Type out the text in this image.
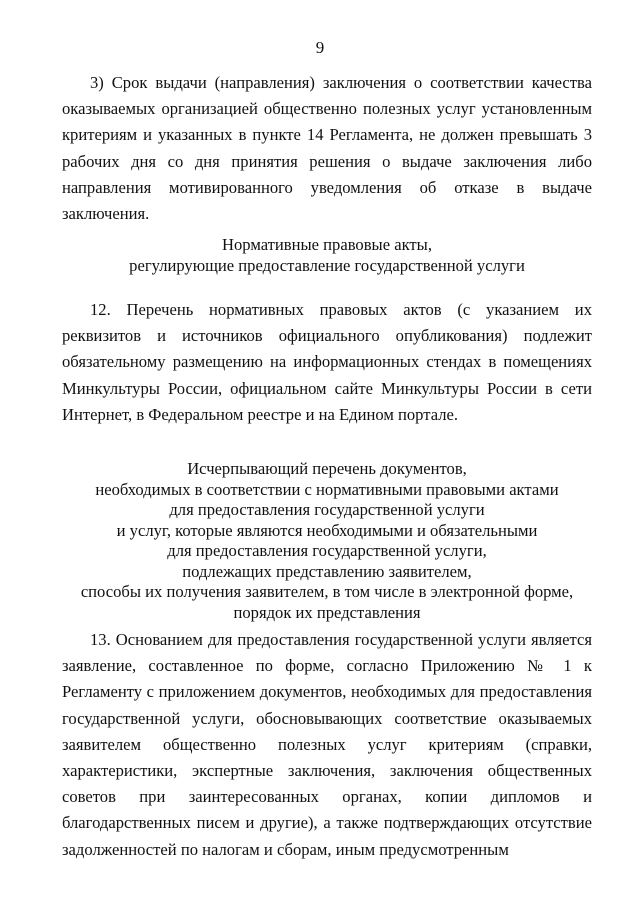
9
3) Срок выдачи (направления) заключения о соответствии качества оказываемых организацией общественно полезных услуг установленным критериям и указанных в пункте 14 Регламента, не должен превышать 3 рабочих дня со дня принятия решения о выдаче заключения либо направления мотивированного уведомления об отказе в выдаче заключения.
Нормативные правовые акты,
регулирующие предоставление государственной услуги
12. Перечень нормативных правовых актов (с указанием их реквизитов и источников официального опубликования) подлежит обязательному размещению на информационных стендах в помещениях Минкультуры России, официальном сайте Минкультуры России в сети Интернет, в Федеральном реестре и на Едином портале.
Исчерпывающий перечень документов,
необходимых в соответствии с нормативными правовыми актами
для предоставления государственной услуги
и услуг, которые являются необходимыми и обязательными
для предоставления государственной услуги,
подлежащих представлению заявителем,
способы их получения заявителем, в том числе в электронной форме,
порядок их представления
13. Основанием для предоставления государственной услуги является заявление, составленное по форме, согласно Приложению № 1 к Регламенту с приложением документов, необходимых для предоставления государственной услуги, обосновывающих соответствие оказываемых заявителем общественно полезных услуг критериям (справки, характеристики, экспертные заключения, заключения общественных советов при заинтересованных органах, копии дипломов и благодарственных писем и другие), а также подтверждающих отсутствие задолженностей по налогам и сборам, иным предусмотренным
